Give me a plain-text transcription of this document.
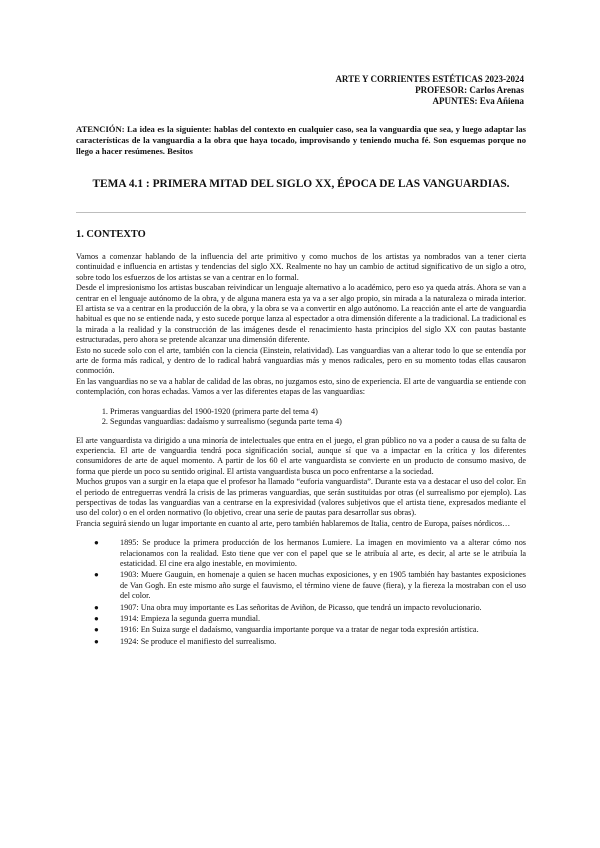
ARTE Y CORRIENTES ESTÉTICAS 2023-2024
PROFESOR: Carlos Arenas
APUNTES: Eva Añiena
ATENCIÓN: La idea es la siguiente: hablas del contexto en cualquier caso, sea la vanguardia que sea, y luego adaptar las características de la vanguardia a la obra que haya tocado, improvisando y teniendo mucha fé. Son esquemas porque no llego a hacer resúmenes. Besitos
TEMA 4.1 : PRIMERA MITAD DEL SIGLO XX, ÉPOCA DE LAS VANGUARDIAS.
1. CONTEXTO

Vamos a comenzar hablando de la influencia del arte primitivo y como muchos de los artistas ya nombrados van a tener cierta continuidad e influencia en artistas y tendencias del siglo XX. Realmente no hay un cambio de actitud significativo de un siglo a otro, sobre todo los esfuerzos de los artistas se van a centrar en lo formal.

Desde el impresionismo los artistas buscaban reivindicar un lenguaje alternativo a lo académico, pero eso ya queda atrás. Ahora se van a centrar en el lenguaje autónomo de la obra, y de alguna manera esta ya va a ser algo propio, sin mirada a la naturaleza o mirada interior. El artista se va a centrar en la producción de la obra, y la obra se va a convertir en algo autónomo. La reacción ante el arte de vanguardia habitual es que no se entiende nada, y esto sucede porque lanza al espectador a otra dimensión diferente a la tradicional. La tradicional es la mirada a la realidad y la construcción de las imágenes desde el renacimiento hasta principios del siglo XX con pautas bastante estructuradas, pero ahora se pretende alcanzar una dimensión diferente.

Esto no sucede solo con el arte, también con la ciencia (Einstein, relatividad). Las vanguardias van a alterar todo lo que se entendía por arte de forma más radical, y dentro de lo radical habrá vanguardias más y menos radicales, pero en su momento todas ellas causaron conmoción.

En las vanguardias no se va a hablar de calidad de las obras, no juzgamos esto, sino de experiencia. El arte de vanguardia se entiende con contemplación, con horas echadas. Vamos a ver las diferentes etapas de las vanguardias:

1. Primeras vanguardias del 1900-1920 (primera parte del tema 4)
2. Segundas vanguardias: dadaísmo y surrealismo (segunda parte tema 4)

El arte vanguardista va dirigido a una minoría de intelectuales que entra en el juego, el gran público no va a poder a causa de su falta de experiencia. El arte de vanguardia tendrá poca significación social, aunque sí que va a impactar en la crítica y los diferentes consumidores de arte de aquel momento. A partir de los 60 el arte vanguardista se convierte en un producto de consumo masivo, de forma que pierde un poco su sentido original. El artista vanguardista busca un poco enfrentarse a la sociedad.

Muchos grupos van a surgir en la etapa que el profesor ha llamado “euforia vanguardista”. Durante esta va a destacar el uso del color. En el periodo de entreguerras vendrá la crisis de las primeras vanguardias, que serán sustituidas por otras (el surrealismo por ejemplo). Las perspectivas de todas las vanguardias van a centrarse en la expresividad (valores subjetivos que el artista tiene, expresados mediante el uso del color) o en el orden normativo (lo objetivo, crear una serie de pautas para desarrollar sus obras).

Francia seguirá siendo un lugar importante en cuanto al arte, pero también hablaremos de Italia, centro de Europa, países nórdicos…

●	1895: Se produce la primera producción de los hermanos Lumiere. La imagen en movimiento va a alterar cómo nos relacionamos con la realidad. Esto tiene que ver con el papel que se le atribuía al arte, es decir, al arte se le atribuía la estaticidad. El cine era algo inestable, en movimiento.
●	1903: Muere Gauguin, en homenaje a quien se hacen muchas exposiciones, y en 1905 también hay bastantes exposiciones de Van Gogh. En este mismo año surge el fauvismo, el término viene de fauve (fiera), y la fiereza la mostraban con el uso del color.
●	1907: Una obra muy importante es Las señoritas de Aviñon, de Picasso, que tendrá un impacto revolucionario.
●	1914: Empieza la segunda guerra mundial.
●	1916: En Suiza surge el dadaísmo, vanguardia importante porque va a tratar de negar toda expresión artística.
●	1924: Se produce el manifiesto del surrealismo.
